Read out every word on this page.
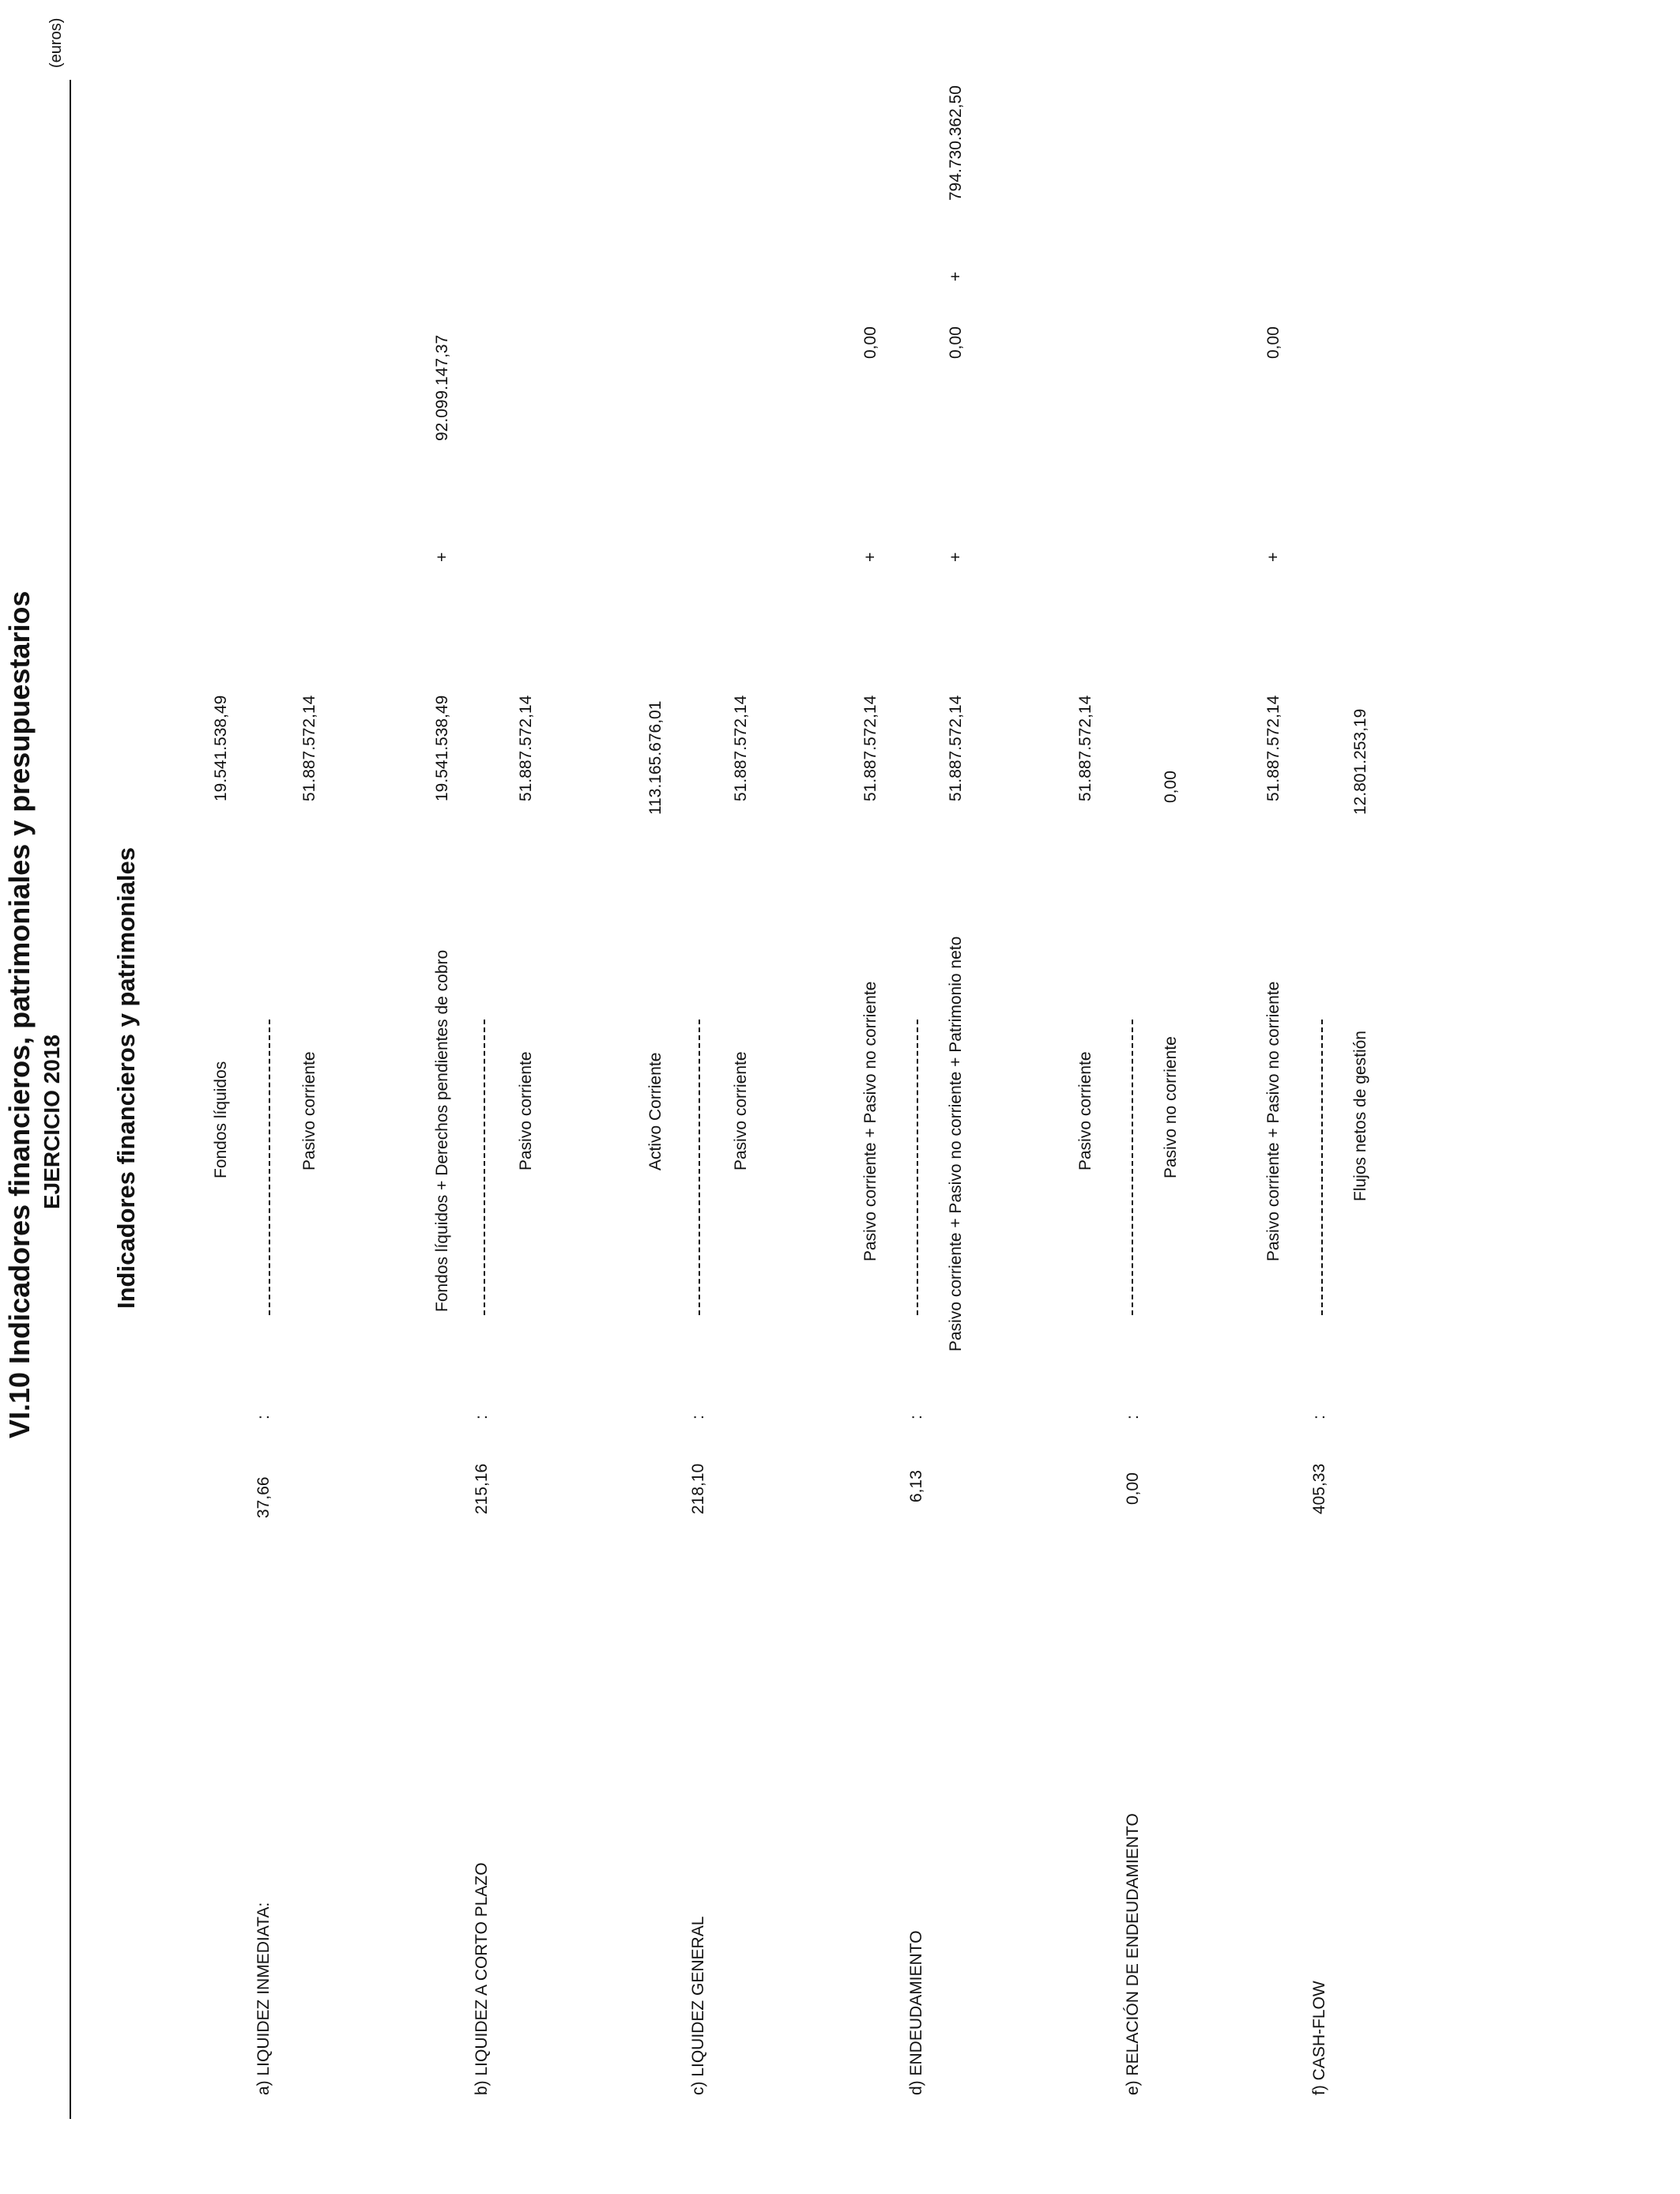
VI.10 Indicadores financieros, patrimoniales y presupuestarios EJERCICIO 2018
(euros)
Indicadores financieros y patrimoniales
a) LIQUIDEZ INMEDIATA:
37,66
:
Fondos líquidos
19.541.538,49
Pasivo corriente
51.887.572,14
b) LIQUIDEZ A CORTO PLAZO
215,16
:
Fondos líquidos + Derechos pendientes de cobro
19.541.538,49
+
92.099.147,37
Pasivo corriente
51.887.572,14
c) LIQUIDEZ GENERAL
218,10
:
Activo Corriente
113.165.676,01
Pasivo corriente
51.887.572,14
d) ENDEUDAMIENTO
6,13
:
Pasivo corriente + Pasivo no corriente
51.887.572,14
+
0,00
Pasivo corriente + Pasivo no corriente + Patrimonio neto
51.887.572,14
+
0,00
+
794.730.362,50
e) RELACIÓN DE ENDEUDAMIENTO
0,00
:
Pasivo corriente
51.887.572,14
Pasivo no corriente
0,00
f) CASH-FLOW
405,33
:
Pasivo corriente + Pasivo no corriente
51.887.572,14
+
0,00
Flujos netos de gestión
12.801.253,19
